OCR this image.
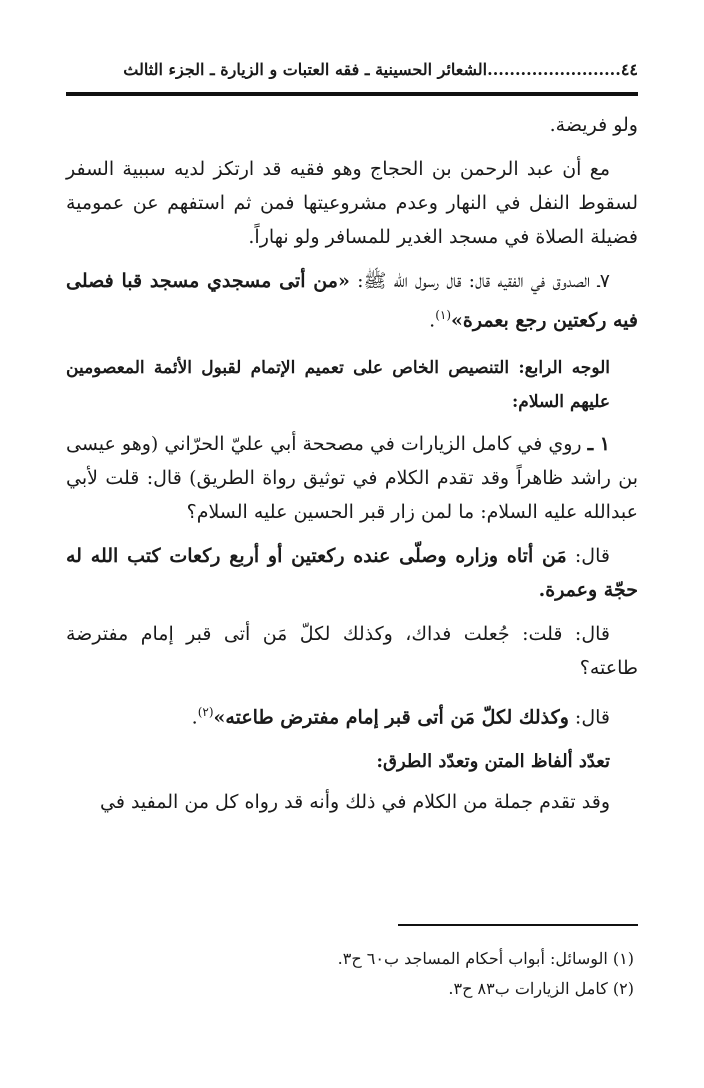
٤٤........................الشعائر الحسينية ـ فقه العتبات و الزيارة ـ الجزء الثالث

ولو فريضة.

مع أن عبد الرحمن بن الحجاج وهو فقيه قد ارتكز لديه سببية السفر لسقوط النفل في النهار وعدم مشروعيتها فمن ثم استفهم عن عمومية فضيلة الصلاة في مسجد الغدير للمسافر ولو نهاراً.

٧ـ الصدوق في الفقيه قال: قال رسول الله ﷺ: «من أتى مسجدي مسجد قبا فصلى فيه ركعتين رجع بعمرة»$^{(١)}$.

الوجه الرابع: التنصيص الخاص على تعميم الإتمام لقبول الأئمة المعصومين عليهم السلام:

١ ـ روي في كامل الزيارات في مصححة أبي عليّ الحرّاني (وهو عيسى بن راشد ظاهراً وقد تقدم الكلام في توثيق رواة الطريق) قال: قلت لأبي عبدالله عليه السلام: ما لمن زار قبر الحسين عليه السلام؟

قال: مَن أتاه وزاره وصلّى عنده ركعتين أو أربع ركعات كتب الله له حجّة وعمرة.

قال: قلت: جُعلت فداك، وكذلك لكلّ مَن أتى قبر إمام مفترضة طاعته؟

قال: وكذلك لكلّ مَن أتى قبر إمام مفترض طاعته»$^{(٢)}$.

تعدّد ألفاظ المتن وتعدّد الطرق:

وقد تقدم جملة من الكلام في ذلك وأنه قد رواه كل من المفيد في

(١) الوسائل: أبواب أحكام المساجد ب٦٠ ح٣.
(٢) كامل الزيارات ب٨٣ ح٣.
